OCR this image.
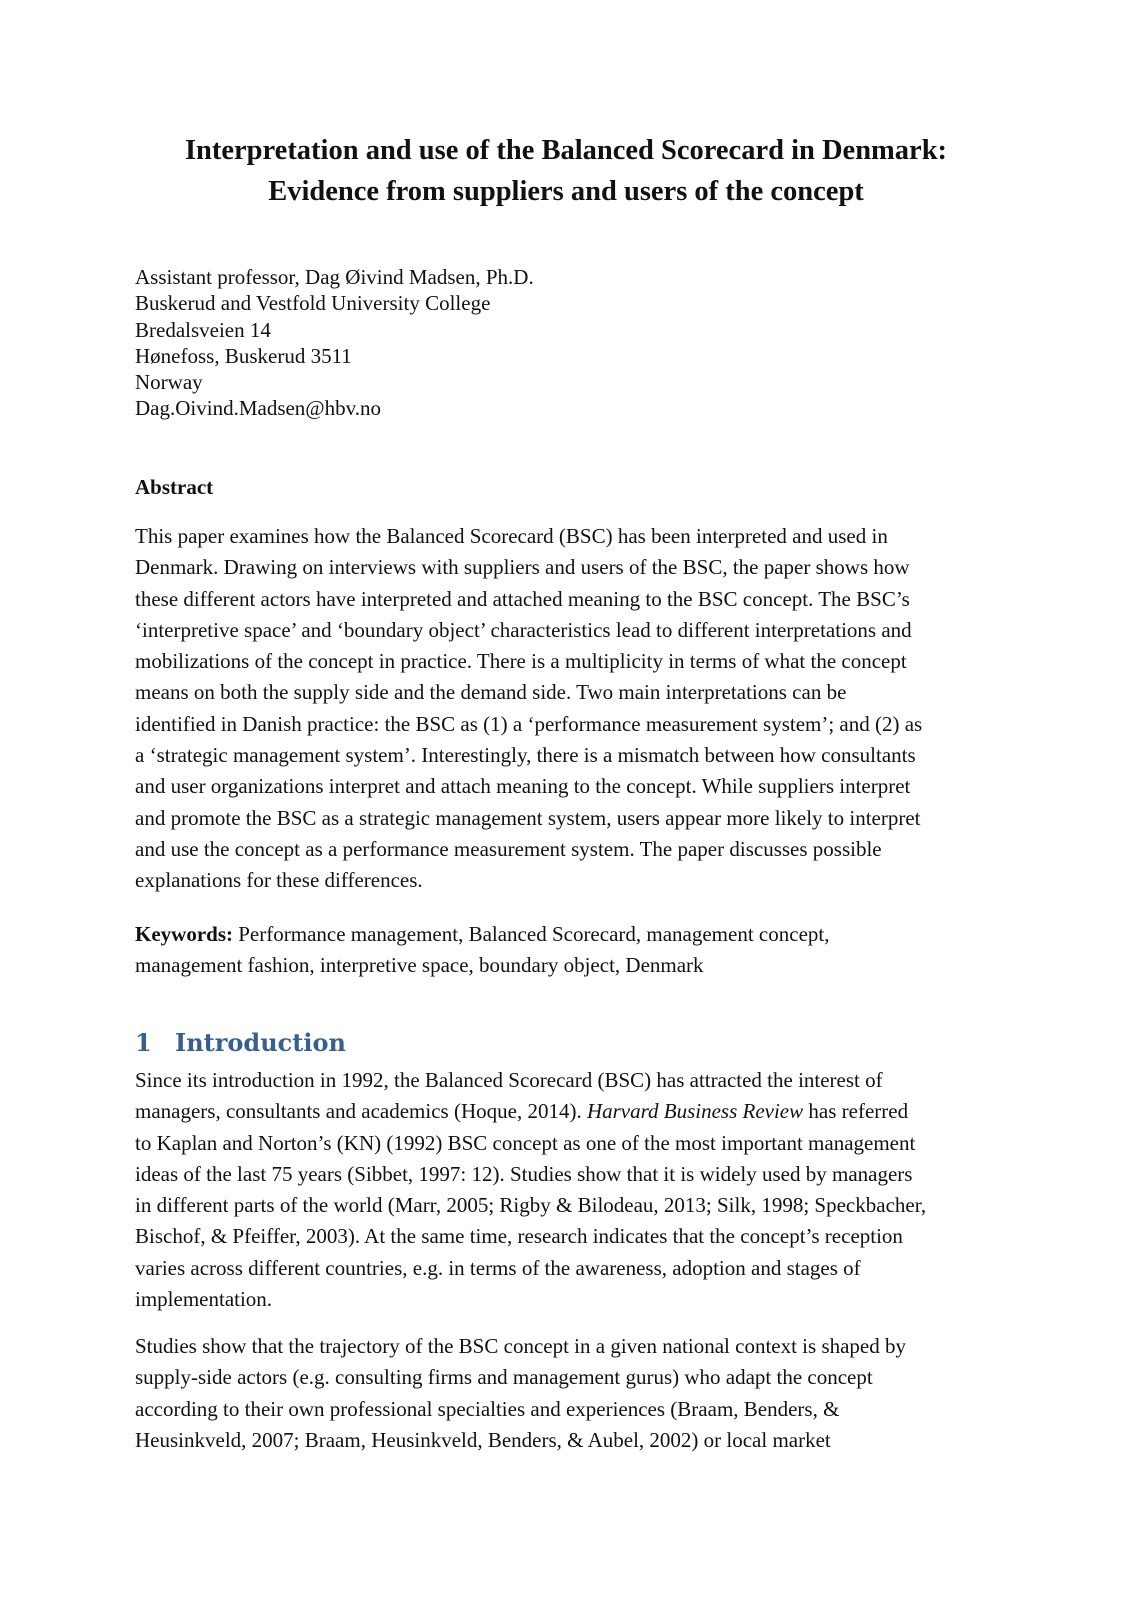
Interpretation and use of the Balanced Scorecard in Denmark:
Evidence from suppliers and users of the concept
Assistant professor, Dag Øivind Madsen, Ph.D.
Buskerud and Vestfold University College
Bredalsveien 14
Hønefoss, Buskerud 3511
Norway
Dag.Oivind.Madsen@hbv.no
Abstract

This paper examines how the Balanced Scorecard (BSC) has been interpreted and used in
Denmark. Drawing on interviews with suppliers and users of the BSC, the paper shows how
these different actors have interpreted and attached meaning to the BSC concept. The BSC’s
‘interpretive space’ and ‘boundary object’ characteristics lead to different interpretations and
mobilizations of the concept in practice. There is a multiplicity in terms of what the concept
means on both the supply side and the demand side. Two main interpretations can be
identified in Danish practice: the BSC as (1) a ‘performance measurement system’; and (2) as
a ‘strategic management system’. Interestingly, there is a mismatch between how consultants
and user organizations interpret and attach meaning to the concept. While suppliers interpret
and promote the BSC as a strategic management system, users appear more likely to interpret
and use the concept as a performance measurement system. The paper discusses possible
explanations for these differences.

Keywords: Performance management, Balanced Scorecard, management concept,
management fashion, interpretive space, boundary object, Denmark

1 Introduction

Since its introduction in 1992, the Balanced Scorecard (BSC) has attracted the interest of
managers, consultants and academics (Hoque, 2014). Harvard Business Review has referred
to Kaplan and Norton’s (KN) (1992) BSC concept as one of the most important management
ideas of the last 75 years (Sibbet, 1997: 12). Studies show that it is widely used by managers
in different parts of the world (Marr, 2005; Rigby & Bilodeau, 2013; Silk, 1998; Speckbacher,
Bischof, & Pfeiffer, 2003). At the same time, research indicates that the concept’s reception
varies across different countries, e.g. in terms of the awareness, adoption and stages of
implementation.

Studies show that the trajectory of the BSC concept in a given national context is shaped by
supply-side actors (e.g. consulting firms and management gurus) who adapt the concept
according to their own professional specialties and experiences (Braam, Benders, &
Heusinkveld, 2007; Braam, Heusinkveld, Benders, & Aubel, 2002) or local market
